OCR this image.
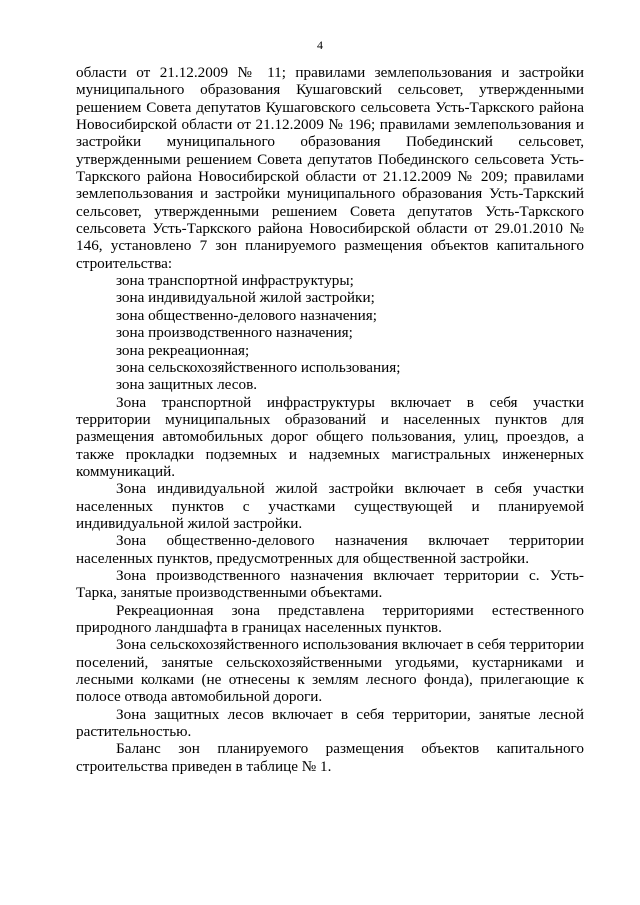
4

области от 21.12.2009 № 11; правилами землепользования и застройки муниципального образования Кушаговский сельсовет, утвержденными решением Совета депутатов Кушаговского сельсовета Усть-Таркского района Новосибирской области от 21.12.2009 № 196; правилами землепользования и застройки муниципального образования Побединский сельсовет, утвержденными решением Совета депутатов Побединского сельсовета Усть-Таркского района Новосибирской области от 21.12.2009 № 209; правилами землепользования и застройки муниципального образования Усть-Таркский сельсовет, утвержденными решением Совета депутатов Усть-Таркского сельсовета Усть-Таркского района Новосибирской области от 29.01.2010 № 146, установлено 7 зон планируемого размещения объектов капитального строительства:

зона транспортной инфраструктуры;
зона индивидуальной жилой застройки;
зона общественно-делового назначения;
зона производственного назначения;
зона рекреационная;
зона сельскохозяйственного использования;
зона защитных лесов.

Зона транспортной инфраструктуры включает в себя участки территории муниципальных образований и населенных пунктов для размещения автомобильных дорог общего пользования, улиц, проездов, а также прокладки подземных и надземных магистральных инженерных коммуникаций.

Зона индивидуальной жилой застройки включает в себя участки населенных пунктов с участками существующей и планируемой индивидуальной жилой застройки.

Зона общественно-делового назначения включает территории населенных пунктов, предусмотренных для общественной застройки.

Зона производственного назначения включает территории с. Усть-Тарка, занятые производственными объектами.

Рекреационная зона представлена территориями естественного природного ландшафта в границах населенных пунктов.

Зона сельскохозяйственного использования включает в себя территории поселений, занятые сельскохозяйственными угодьями, кустарниками и лесными колками (не отнесены к землям лесного фонда), прилегающие к полосе отвода автомобильной дороги.

Зона защитных лесов включает в себя территории, занятые лесной растительностью.

Баланс зон планируемого размещения объектов капитального строительства приведен в таблице № 1.
